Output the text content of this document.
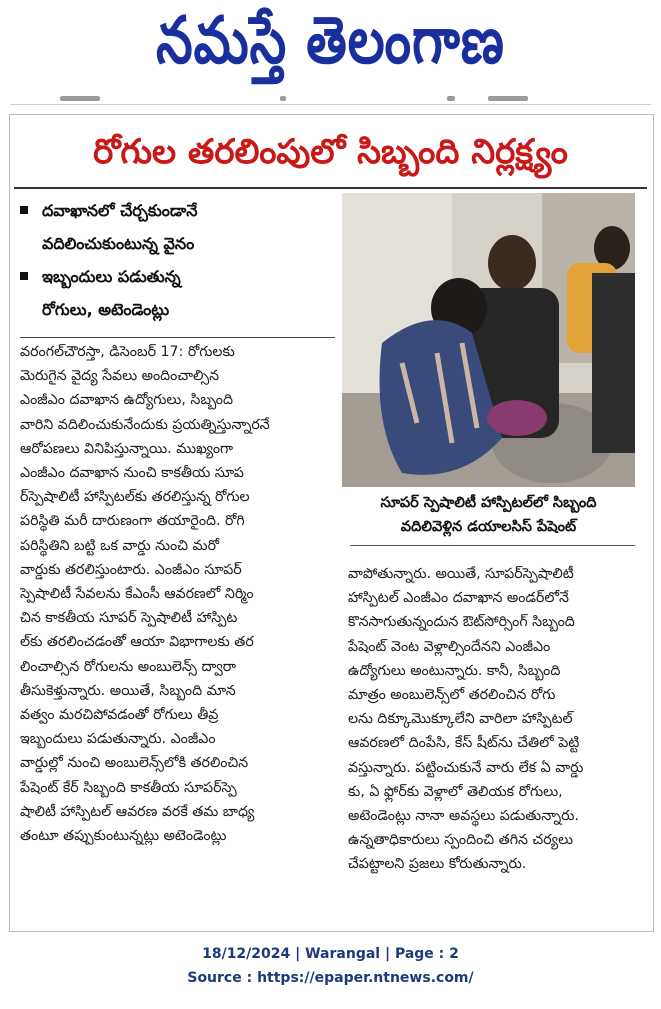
నమస్తే తెలంగాణ
రోగుల తరలింపులో సిబ్బంది నిర్లక్ష్యం
దవాఖానలో చేర్చకుండానే
వదిలించుకుంటున్న వైనం
ఇబ్బందులు పడుతున్న
రోగులు, అటెండెంట్లు
వరంగల్‌చౌరస్తా, డిసెంబర్ 17: రోగులకు
మెరుగైన వైద్య సేవలు అందించాల్సిన
ఎంజీఎం దవాఖాన ఉద్యోగులు, సిబ్బంది
వారిని వదిలించుకునేందుకు ప్రయత్నిస్తున్నారనే
ఆరోపణలు వినిపిస్తున్నాయి. ముఖ్యంగా
ఎంజీఎం దవాఖాన నుంచి కాకతీయ సూప
ర్‌స్పెషాలిటీ హాస్పిటల్‌కు తరలిస్తున్న రోగుల
పరిస్థితి మరీ దారుణంగా తయారైంది. రోగి
పరిస్థితిని బట్టి ఒక వార్డు నుంచి మరో
వార్డుకు తరలిస్తుంటారు. ఎంజీఎం సూపర్
స్పెషాలిటీ సేవలను కేఎంసీ ఆవరణలో నిర్మిం
చిన కాకతీయ సూపర్ స్పెషాలిటీ హాస్పిట
ల్‌కు తరలించడంతో ఆయా విభాగాలకు తర
లించాల్సిన రోగులను అంబులెన్స్ ద్వారా
తీసుకెళ్తున్నారు. అయితే, సిబ్బంది మాన
వత్వం మరచిపోవడంతో రోగులు తీవ్ర
ఇబ్బందులు పడుతున్నారు. ఎంజీఎం
వార్డుల్లో నుంచి అంబులెన్స్‌లోకి తరలించిన
పేషెంట్ కేర్ సిబ్బంది కాకతీయ సూపర్‌స్పె
షాలిటీ హాస్పిటల్ ఆవరణ వరకే తమ బాధ్య
తంటూ తప్పుకుంటున్నట్లు అటెండెంట్లు
సూపర్ స్పెషాలిటీ హాస్పిటల్‌లో సిబ్బంది
వదిలివెళ్లిన డయాలసిస్ పేషెంట్
వాపోతున్నారు. అయితే, సూపర్‌స్పెషాలిటీ
హాస్పిటల్ ఎంజీఎం దవాఖాన అండర్‌లోనే
కొనసాగుతున్నందున ఔట్‌సోర్సింగ్ సిబ్బంది
పేషెంట్ వెంట వెళ్లాల్సిందేనని ఎంజీఎం
ఉద్యోగులు అంటున్నారు. కానీ, సిబ్బంది
మాత్రం అంబులెన్స్‌లో తరలించిన రోగు
లను దిక్కూమొక్కూలేని వారిలా హాస్పిటల్
ఆవరణలో దింపేసి, కేస్ షీట్‌ను చేతిలో పెట్టి
వస్తున్నారు. పట్టించుకునే వారు లేక ఏ వార్డు
కు, ఏ ఫ్లోర్‌కు వెళ్లాలో తెలియక రోగులు,
అటెండెంట్లు నానా అవస్థలు పడుతున్నారు.
ఉన్నతాధికారులు స్పందించి తగిన చర్యలు
చేపట్టాలని ప్రజలు కోరుతున్నారు.
18/12/2024 | Warangal | Page : 2
Source : https://epaper.ntnews.com/
